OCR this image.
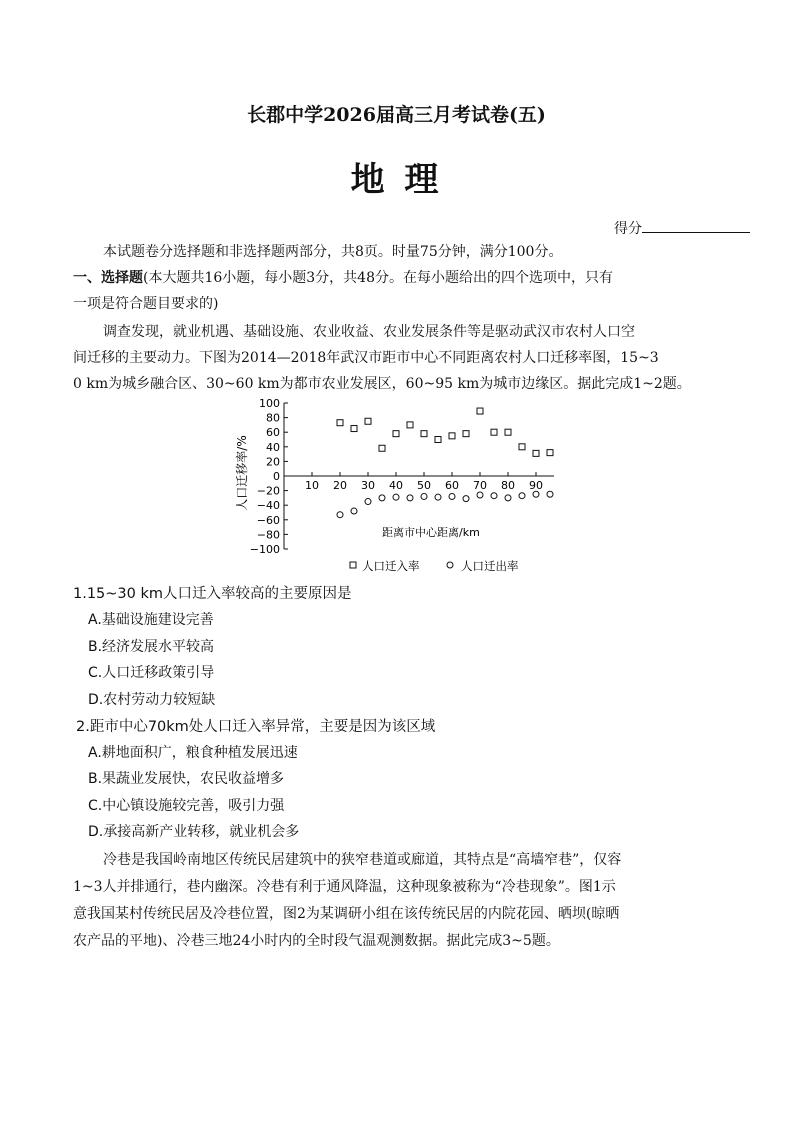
长郡中学2026届高三月考试卷(五)
地 理
得分
本试题卷分选择题和非选择题两部分，共8页。时量75分钟，满分100分。
一、选择题(本大题共16小题，每小题3分，共48分。在每小题给出的四个选项中，只有
一项是符合题目要求的)
调查发现，就业机遇、基础设施、农业收益、农业发展条件等是驱动武汉市农村人口空
间迁移的主要动力。下图为2014—2018年武汉市距市中心不同距离农村人口迁移率图，15~3
0 km为城乡融合区、30~60 km为都市农业发展区，60~95 km为城市边缘区。据此完成1~2题。
100
80
60
40
20
0
−20
−40
−60
−80
−100
10 20 30 40 50 60 70 80 90
人口迁移率/%
距离市中心距离/km
人口迁入率	人口迁出率
1.15~30 km人口迁入率较高的主要原因是
A.基础设施建设完善
B.经济发展水平较高
C.人口迁移政策引导
D.农村劳动力较短缺
2.距市中心70km处人口迁入率异常，主要是因为该区域
A.耕地面积广，粮食种植发展迅速
B.果蔬业发展快，农民收益增多
C.中心镇设施较完善，吸引力强
D.承接高新产业转移，就业机会多
冷巷是我国岭南地区传统民居建筑中的狭窄巷道或廊道，其特点是“高墙窄巷”，仅容
1~3人并排通行，巷内幽深。冷巷有利于通风降温，这种现象被称为“冷巷现象”。图1示
意我国某村传统民居及冷巷位置，图2为某调研小组在该传统民居的内院花园、晒坝(晾晒
农产品的平地)、冷巷三地24小时内的全时段气温观测数据。据此完成3~5题。
